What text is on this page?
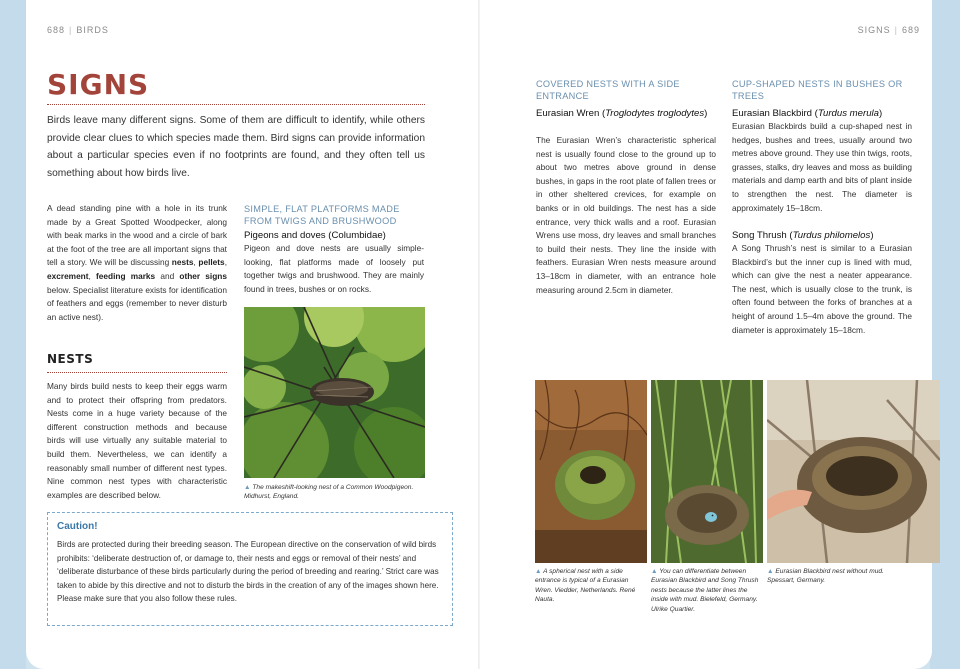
688 | BIRDS
SIGNS

Birds leave many different signs. Some of them are difficult to identify, while others provide clear clues to which species made them. Bird signs can provide information about a particular species even if no footprints are found, and they often tell us something about how birds live.

A dead standing pine with a hole in its trunk made by a Great Spotted Woodpecker, along with beak marks in the wood and a circle of bark at the foot of the tree are all important signs that tell a story. We will be discussing nests, pellets, excrement, feeding marks and other signs below. Specialist literature exists for identification of feathers and eggs (remember to never disturb an active nest).

NESTS

Many birds build nests to keep their eggs warm and to protect their offspring from predators. Nests come in a huge variety because of the different construction methods and because birds will use virtually any suitable material to build them. Nevertheless, we can identify a reasonably small number of different nest types. Nine common nest types with characteristic examples are described below.

SIMPLE, FLAT PLATFORMS MADE FROM TWIGS AND BRUSHWOOD
Pigeons and doves (Columbidae)

Pigeon and dove nests are usually simple-looking, flat platforms made of loosely put together twigs and brushwood. They are mainly found in trees, bushes or on rocks.

▲ The makeshift-looking nest of a Common Woodpigeon. Midhurst, England.

Caution!

Birds are protected during their breeding season. The European directive on the conservation of wild birds prohibits: ‘deliberate destruction of, or damage to, their nests and eggs or removal of their nests’ and ‘deliberate disturbance of these birds particularly during the period of breeding and rearing.’ Strict care was taken to abide by this directive and not to disturb the birds in the creation of any of the images shown here. Please make sure that you also follow these rules.

SIGNS | 689
COVERED NESTS WITH A SIDE ENTRANCE
Eurasian Wren (Troglodytes troglodytes)

The Eurasian Wren’s characteristic spherical nest is usually found close to the ground up to about two metres above ground in dense bushes, in gaps in the root plate of fallen trees or in other sheltered crevices, for example on banks or in old buildings. The nest has a side entrance, very thick walls and a roof. Eurasian Wrens use moss, dry leaves and small branches to build their nests. They line the inside with feathers. Eurasian Wren nests measure around 13–18cm in diameter, with an entrance hole measuring around 2.5cm in diameter.

CUP-SHAPED NESTS IN BUSHES OR TREES
Eurasian Blackbird (Turdus merula)

Eurasian Blackbirds build a cup-shaped nest in hedges, bushes and trees, usually around two metres above ground. They use thin twigs, roots, grasses, stalks, dry leaves and moss as building materials and damp earth and bits of plant inside to strengthen the nest. The diameter is approximately 15–18cm.

Song Thrush (Turdus philomelos)

A Song Thrush’s nest is similar to a Eurasian Blackbird’s but the inner cup is lined with mud, which can give the nest a neater appearance. The nest, which is usually close to the trunk, is often found between the forks of branches at a height of around 1.5–4m above the ground. The diameter is approximately 15–18cm.

▲ A spherical nest with a side entrance is typical of a Eurasian Wren. Viedder, Netherlands. René Nauta.

▲ You can differentiate between Eurasian Blackbird and Song Thrush nests because the latter lines the inside with mud. Bielefeld, Germany. Ulrike Quartier.

▲ Eurasian Blackbird nest without mud. Spessart, Germany.
